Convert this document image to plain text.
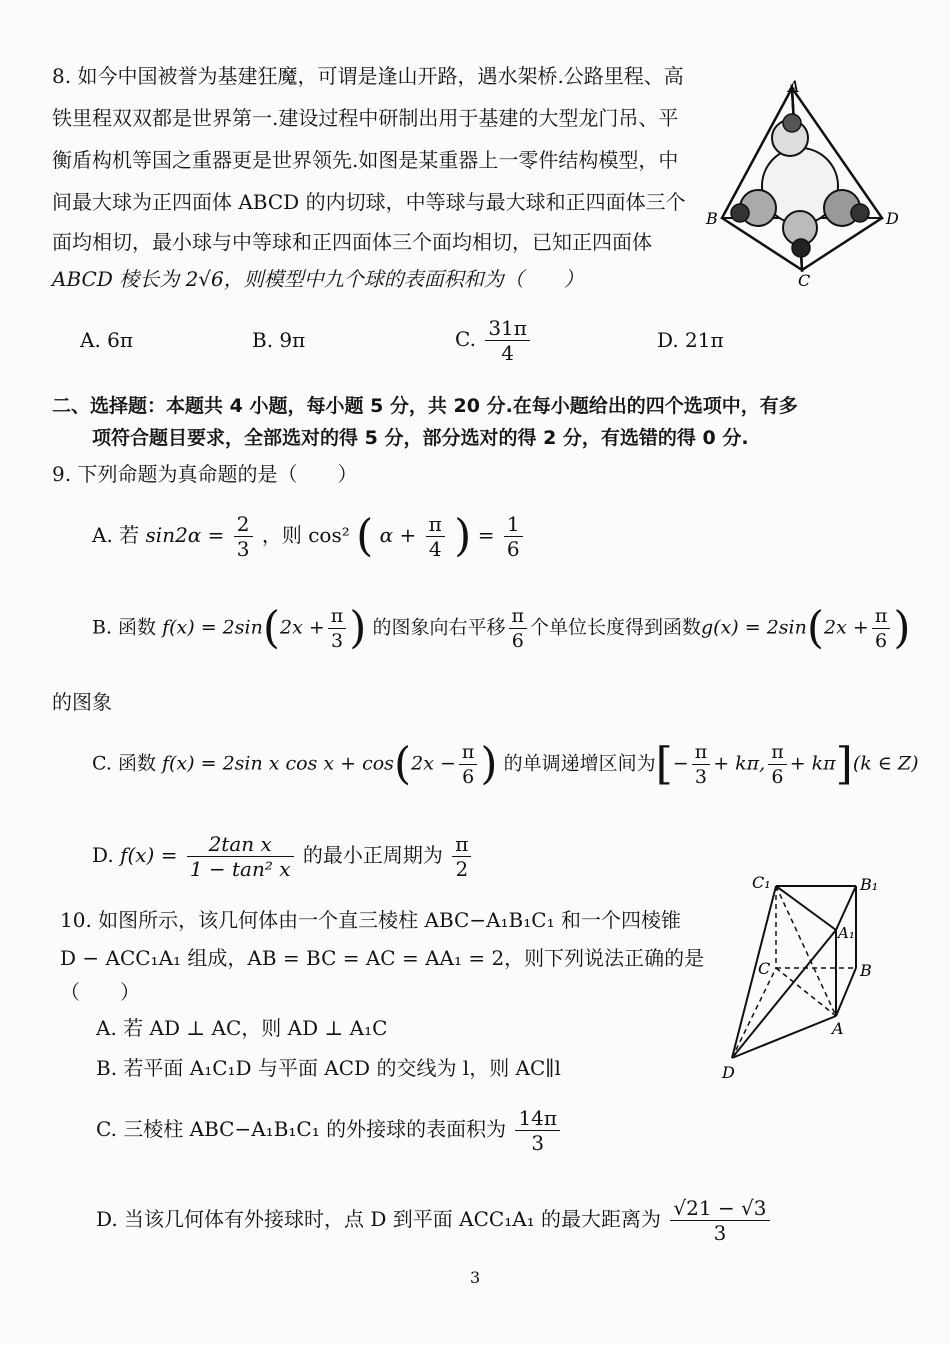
8. 如今中国被誉为基建狂魔，可谓是逢山开路，遇水架桥.公路里程、高
铁里程双双都是世界第一.建设过程中研制出用于基建的大型龙门吊、平
衡盾构机等国之重器更是世界领先.如图是某重器上一零件结构模型，中
间最大球为正四面体 ABCD 的内切球，中等球与最大球和正四面体三个
面均相切，最小球与中等球和正四面体三个面均相切，已知正四面体
ABCD 棱长为 2√6，则模型中九个球的表面积和为（　　）
A
B	D
C
A. 6π	B. 9π	C. $\frac{31\pi}{4}$	D. 21π
二、选择题：本题共 4 小题，每小题 5 分，共 20 分.在每小题给出的四个选项中，有多
项符合题目要求，全部选对的得 5 分，部分选对的得 2 分，有选错的得 0 分.
9. 下列命题为真命题的是（　　）
A. 若 $\sin 2\alpha = \frac{2}{3}$ ，则 cos² ( $\alpha + \frac{\pi}{4}$ ) = $\frac{1}{6}$
B. 函数 $f(x) = 2\sin(2x + \frac{\pi}{3}$ ) 的图象向右平移 $\frac{\pi}{6}$ 个单位长度得到函数$g(x) = 2\sin(2x + \frac{\pi}{6}$ )
的图象
C. 函数 f(x) = 2sin x $\cos x + \cos(2x - \frac{\pi}{6}$ ) 的单调递增区间为[− $\frac{\pi}{3} + k\pi$, $\frac{\pi}{6} + k\pi](k$ ∈ Z)
D. $f(x) = \frac{\text{2tan x}}{\text{1 − tan² x}}$ 的最小正周期为 $\frac{\pi}{2}$
10. 如图所示，该几何体由一个直三棱柱 ABC−A₁B₁C₁ 和一个四棱锥
D − ACC₁A₁ 组成，AB = BC = AC = AA₁ = 2，则下列说法正确的是
（　　）
A. 若 AD ⊥ AC，则 AD ⊥ A₁C
B. 若平面 A₁C₁D 与平面 ACD 的交线为 l，则 AC∥l
C. 三棱柱 ABC−A₁B₁C₁ 的外接球的表面积为 $\frac{14\pi}{3}$
D. 当该几何体有外接球时，点 D 到平面 ACC₁A₁ 的最大距离为 $\frac{√21 - √3}{3}$
C₁	B₁
A₁
C	B
A
D
3
